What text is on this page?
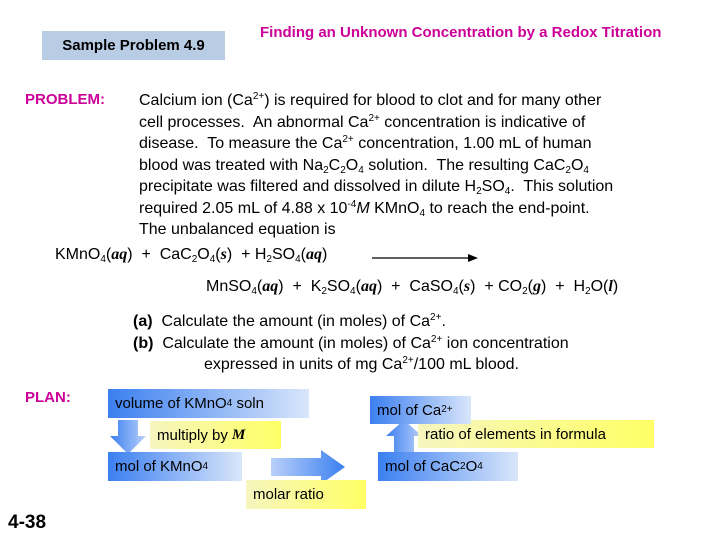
Sample Problem 4.9
Finding an Unknown Concentration by a Redox Titration
PROBLEM: Calcium ion $(Ca^{2+})$ is required for blood to clot and for many other
cell processes.  An abnormal $Ca^{2+}$ concentration is indicative of
disease.  To measure the $Ca^{2+}$ concentration, 1.00 mL of human
blood was treated with $Na_2C_2O_4$ solution.  The resulting $CaC_2O_4$
precipitate was filtered and dissolved in dilute $H_2SO_4$.  This solution
required 2.05 mL of 4.88 x $10^{-4}M$ KMnO$_4$ to reach the end-point.
The unbalanced equation is
KMnO$_4$(aq)  +  $CaC_2O_4(s) + H_2SO_4(aq)$
MnSO$_4$(aq)  +  $K_2SO_4(aq)$  +  CaSO$_4$(s)  + $CO_2(g) + H_2O(l)$
(a)  Calculate the amount (in moles) of $Ca^{2+}$.
(b)  Calculate the amount (in moles) of $Ca^{2+}$ ion concentration
expressed in units of mg $Ca^{2+}/100$ mL blood.
PLAN:	volume of KMnO 4 soln
multiply by M
mol of KMnO 4
molar ratio
mol of CaC 2 O 4
ratio of elements in formula
mol of Ca 2+
4-38
